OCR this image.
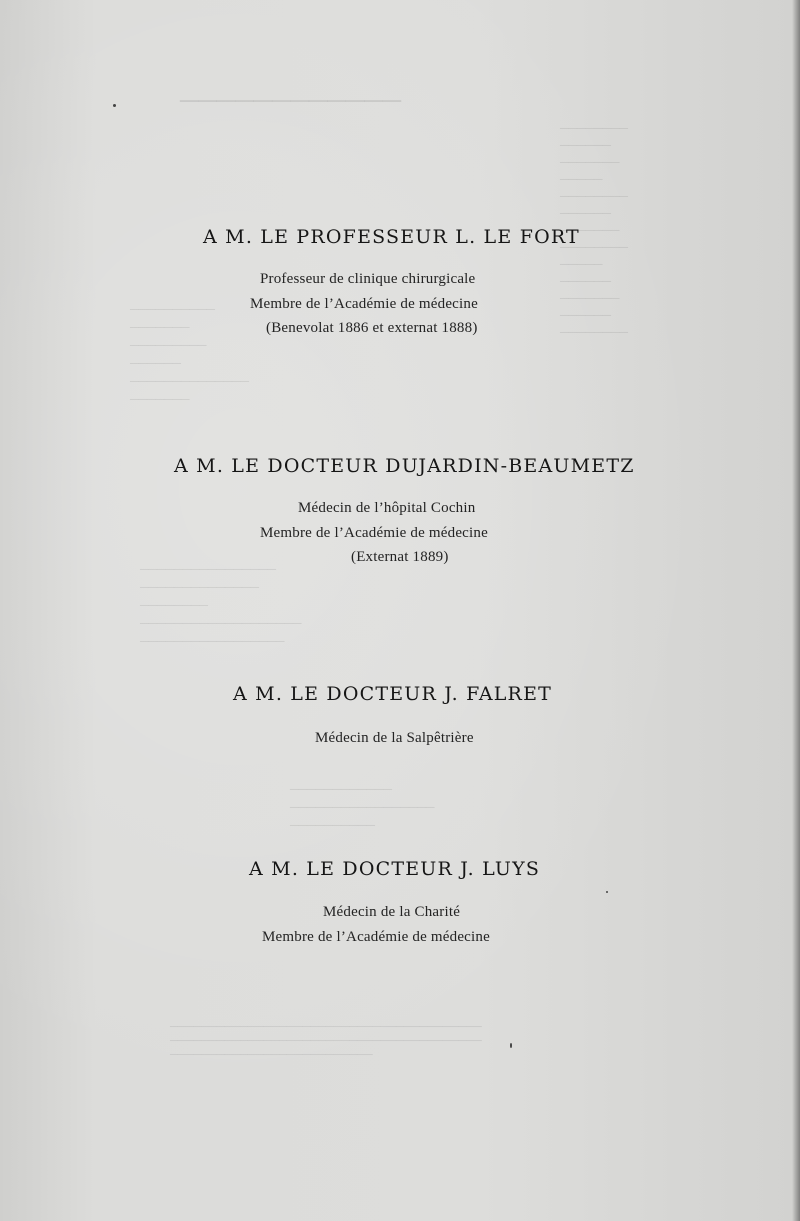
────────────
────────
──────
───────
─────
────────
──────
───────
────────
─────
──────
───────
──────
────────
──────────
───────
─────────
──────
──────────────
───────
────────────────
──────────────
────────
───────────────────
─────────────────
────────────
─────────────────
──────────
────────────────────────────────────────
────────────────────────────────────────
──────────────────────────
A M. LE PROFESSEUR L. LE FORT
Professeur de clinique chirurgicale
Membre de l’Académie de médecine
(Benevolat 1886 et externat 1888)
A M. LE DOCTEUR DUJARDIN-BEAUMETZ
Médecin de l’hôpital Cochin
Membre de l’Académie de médecine
(Externat 1889)
A M. LE DOCTEUR J. FALRET
Médecin de la Salpêtrière
A M. LE DOCTEUR J. LUYS
Médecin de la Charité
Membre de l’Académie de médecine
